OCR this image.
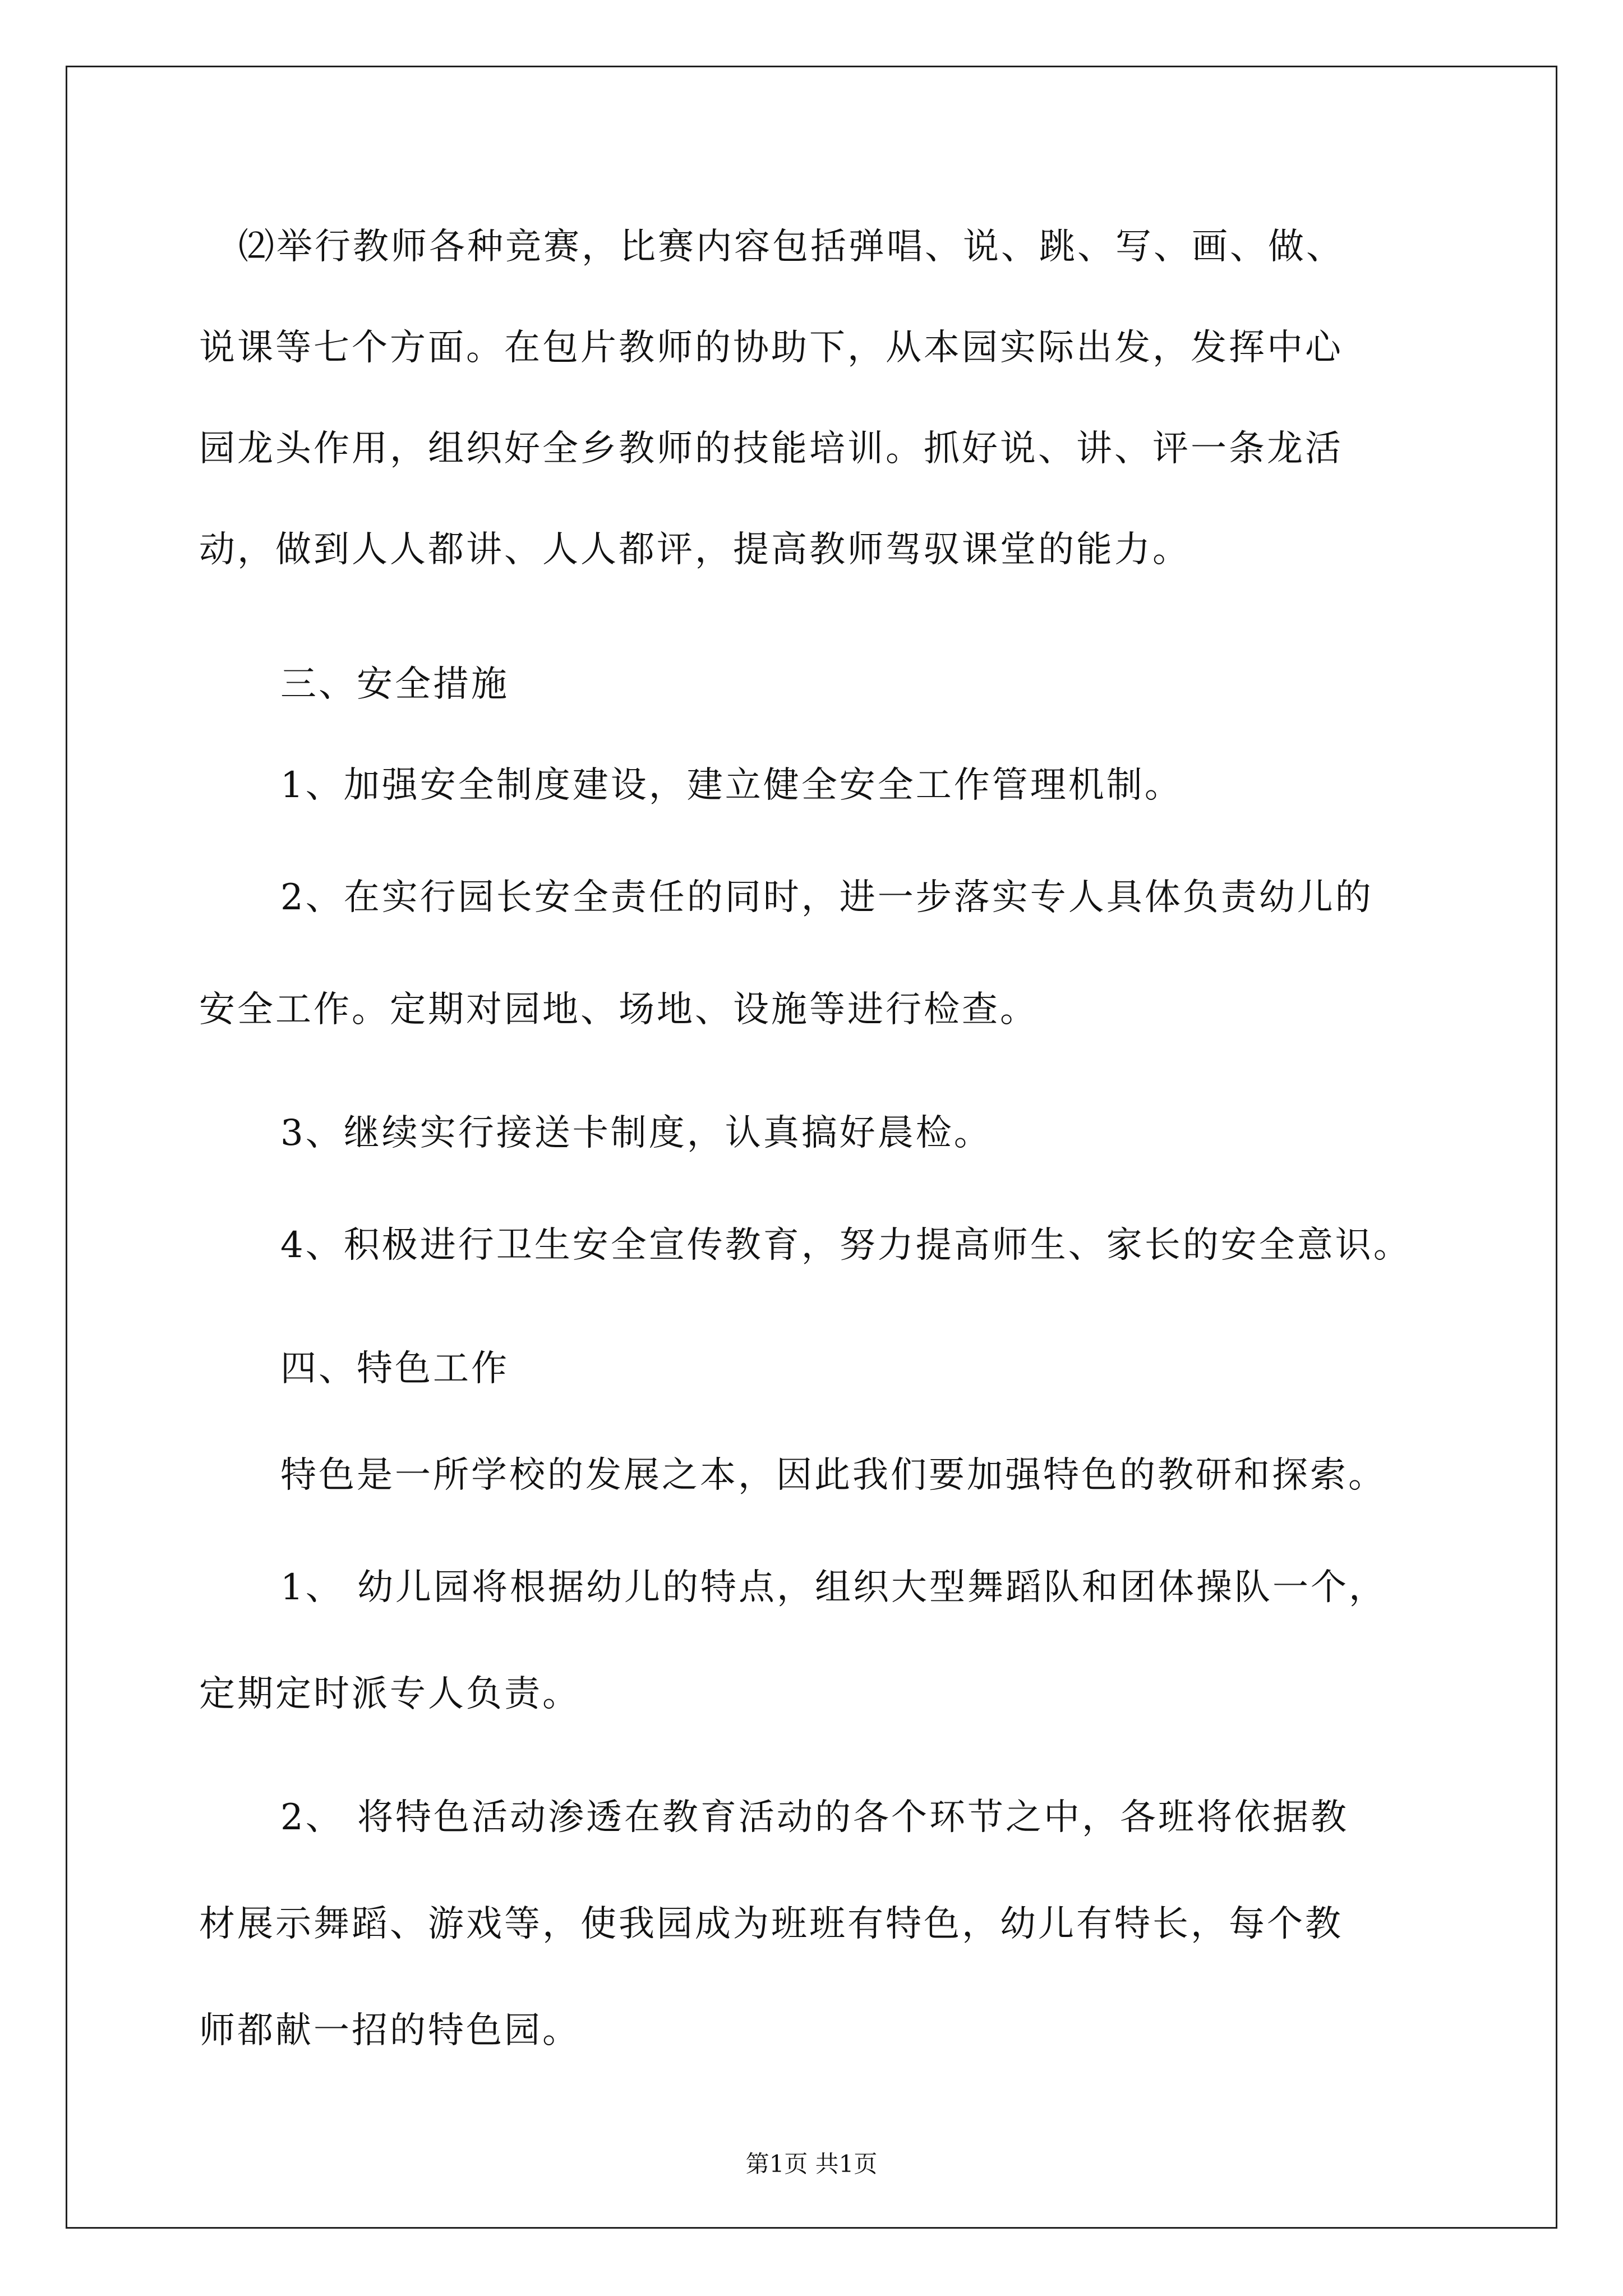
⑵举行教师各种竞赛，比赛内容包括弹唱、说、跳、写、画、做、
说课等七个方面。在包片教师的协助下，从本园实际出发，发挥中心
园龙头作用，组织好全乡教师的技能培训。抓好说、讲、评一条龙活
动，做到人人都讲、人人都评，提高教师驾驭课堂的能力。
三、安全措施
1、加强安全制度建设，建立健全安全工作管理机制。
2、在实行园长安全责任的同时，进一步落实专人具体负责幼儿的
安全工作。定期对园地、场地、设施等进行检查。
3、继续实行接送卡制度，认真搞好晨检。
4、积极进行卫生安全宣传教育，努力提高师生、家长的安全意识。
四、特色工作
特色是一所学校的发展之本，因此我们要加强特色的教研和探索。
1、 幼儿园将根据幼儿的特点，组织大型舞蹈队和团体操队一个，
定期定时派专人负责。
2、 将特色活动渗透在教育活动的各个环节之中，各班将依据教
材展示舞蹈、游戏等，使我园成为班班有特色，幼儿有特长，每个教
师都献一招的特色园。
第1页 共1页
